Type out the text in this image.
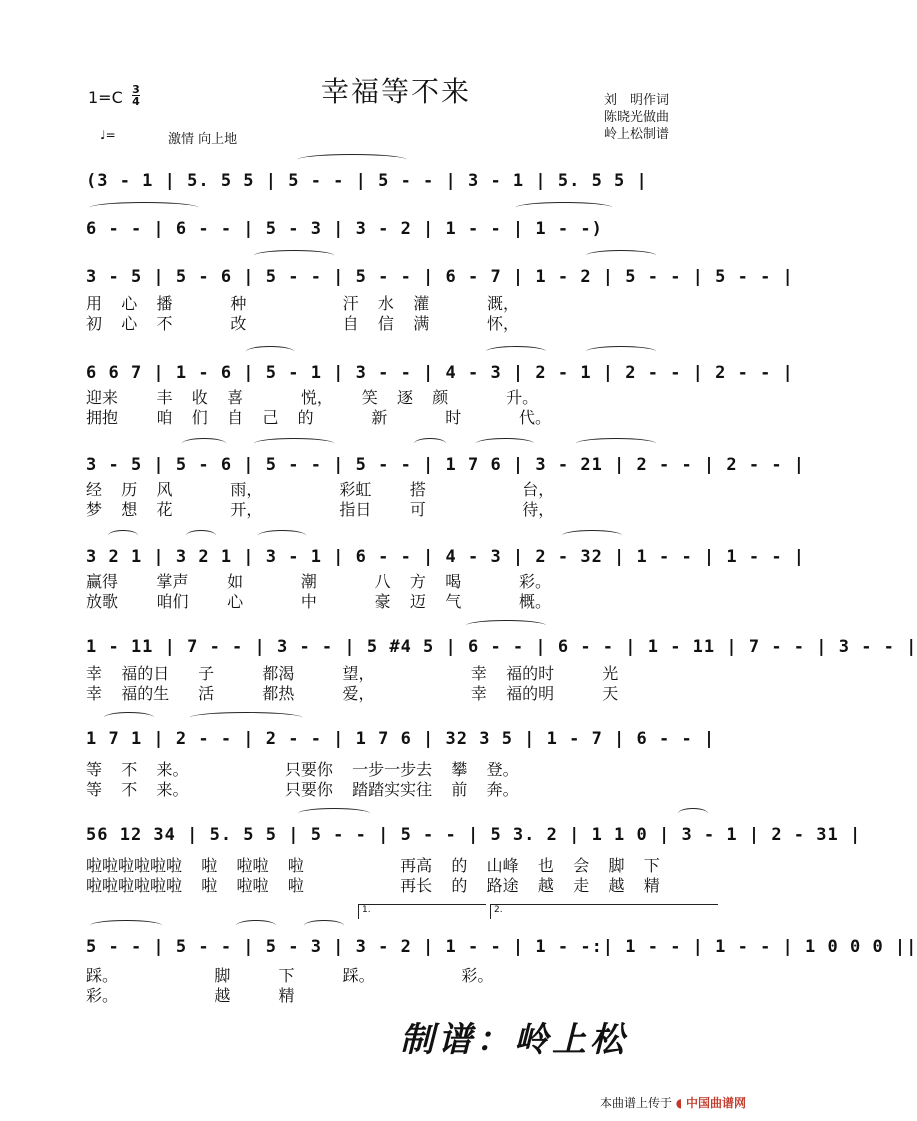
幸福等不来
1=C 3
4	刘　明作词
陈晓光做曲
岭上松制谱
♩=	激情 向上地
(3 - 1 | 5. 5 5 | 5 - - | 5 - - | 3 - 1 | 5. 5 5 |
6 - - | 6 - - | 5 - 3 | 3 - 2 | 1 - - | 1 - -)
3 - 5 | 5 - 6 | 5 - - | 5 - - | 6 - 7 | 1 - 2 | 5 - - | 5 - - |
用  心  播      种          汗  水  灌      溉，
初  心  不      改          自  信  满      怀，
6 6 7 | 1 - 6 | 5 - 1 | 3 - - | 4 - 3 | 2 - 1 | 2 - - | 2 - - |
迎来    丰  收  喜      悦，   笑  逐  颜      升。
拥抱    咱  们  自  己  的      新      时      代。
3 - 5 | 5 - 6 | 5 - - | 5 - - | 1 7 6 | 3 - 21 | 2 - - | 2 - - |
经  历  风      雨，        彩虹    搭          台，
梦  想  花      开，        指日    可          待，
3 2 1 | 3 2 1 | 3 - 1 | 6 - - | 4 - 3 | 2 - 32 | 1 - - | 1 - - |
赢得    掌声    如      潮      八  方  喝      彩。
放歌    咱们    心      中      豪  迈  气      概。
1 - 11 | 7 - - | 3 - - | 5 #4 5 | 6 - - | 6 - - | 1 - 11 | 7 - - | 3 - - |
幸  福的日   子     都渴     望，          幸  福的时     光
幸  福的生   活     都热     爱，          幸  福的明     天
1 7 1 | 2 - - | 2 - - | 1 7 6 | 32 3 5 | 1 - 7 | 6 - - |
等  不  来。          只要你  一步一步去  攀  登。
等  不  来。          只要你  踏踏实实往  前  奔。
56 12 34 | 5. 5 5 | 5 - - | 5 - - | 5 3. 2 | 1 1 0 | 3 - 1 | 2 - 31 |
啦啦啦啦啦啦  啦  啦啦  啦          再高  的  山峰  也  会  脚  下
啦啦啦啦啦啦  啦  啦啦  啦          再长  的  路途  越  走  越  精
5 - - | 5 - - | 5 - 3 | 3 - 2 | 1 - - | 1 - -:| 1 - - | 1 - - | 1 0 0 0 ||
1.	2.
踩。          脚     下     踩。         彩。
彩。          越     精
制谱：岭上松
本曲谱上传于 ◖ 中国曲谱网
